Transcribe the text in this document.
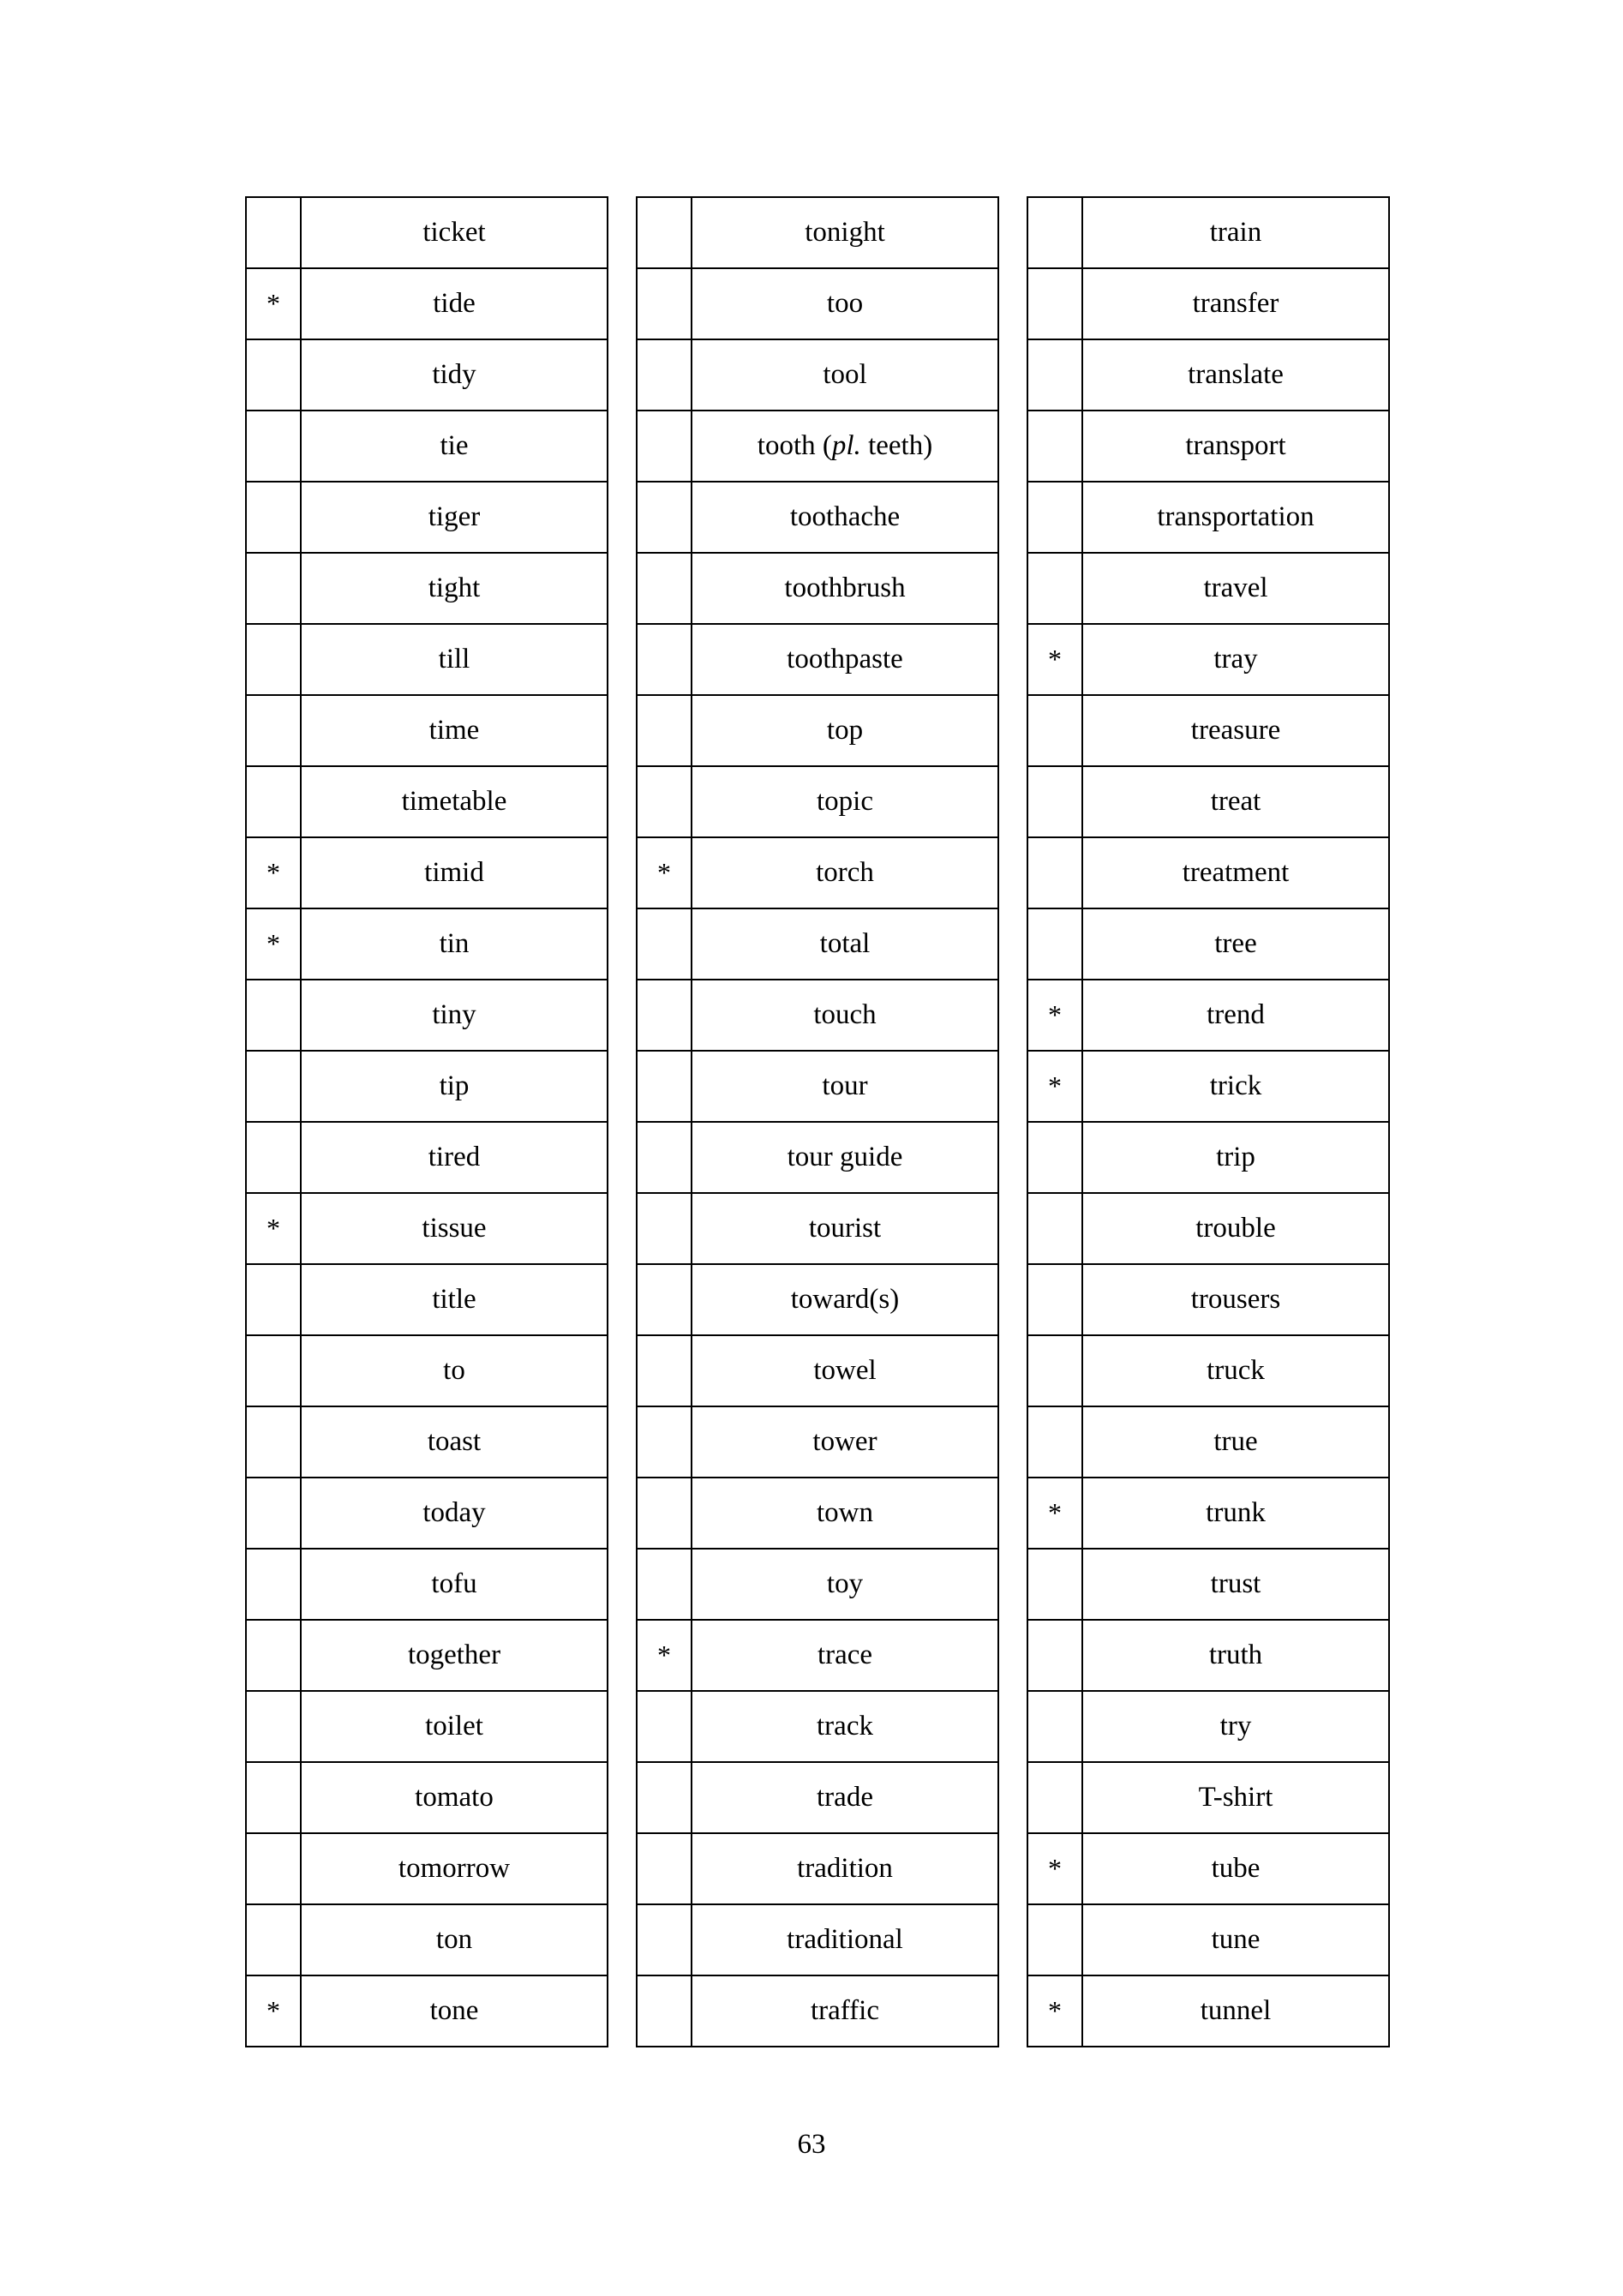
	ticket
*	tide
	tidy
	tie
	tiger
	tight
	till
	time
	timetable
*	timid
*	tin
	tiny
	tip
	tired
*	tissue
	title
	to
	toast
	today
	tofu
	together
	toilet
	tomato
	tomorrow
	ton
*	tone
	tonight
	too
	tool
	tooth (pl. teeth)
	toothache
	toothbrush
	toothpaste
	top
	topic
*	torch
	total
	touch
	tour
	tour guide
	tourist
	toward(s)
	towel
	tower
	town
	toy
*	trace
	track
	trade
	tradition
	traditional
	traffic
	train
	transfer
	translate
	transport
	transportation
	travel
*	tray
	treasure
	treat
	treatment
	tree
*	trend
*	trick
	trip
	trouble
	trousers
	truck
	true
*	trunk
	trust
	truth
	try
	T-shirt
*	tube
	tune
*	tunnel
63
